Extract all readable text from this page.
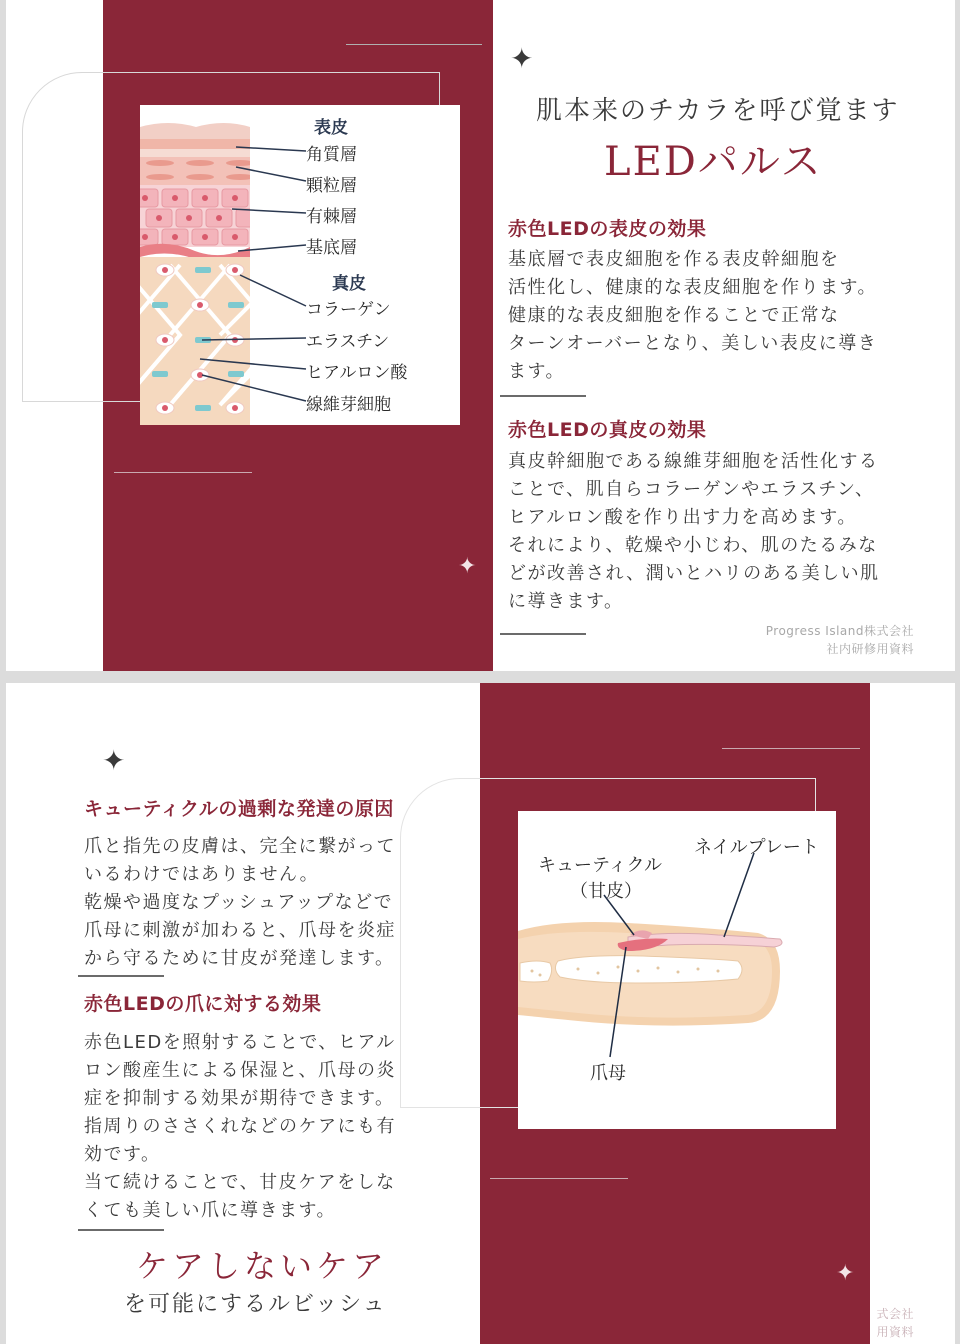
✦
✦
表皮
角質層
顆粒層
有棘層
基底層
真皮
コラーゲン
エラスチン
ヒアルロン酸
線維芽細胞
肌本来のチカラを呼び覚ます
LEDパルス
赤色LEDの表皮の効果
基底層で表皮細胞を作る表皮幹細胞を
活性化し、健康的な表皮細胞を作ります。
健康的な表皮細胞を作ることで正常な
ターンオーバーとなり、美しい表皮に導き
ます。
赤色LEDの真皮の効果
真皮幹細胞である線維芽細胞を活性化する
ことで、肌自らコラーゲンやエラスチン、
ヒアルロン酸を作り出す力を高めます。
それにより、乾燥や小じわ、肌のたるみな
どが改善され、潤いとハリのある美しい肌
に導きます。
Progress Island株式会社
社内研修用資料
✦
✦
キューティクルの過剰な発達の原因
爪と指先の皮膚は、完全に繋がって
いるわけではありません。
乾燥や過度なプッシュアップなどで
爪母に刺激が加わると、爪母を炎症
から守るために甘皮が発達します。
赤色LEDの爪に対する効果
赤色LEDを照射することで、ヒアル
ロン酸産生による保湿と、爪母の炎
症を抑制する効果が期待できます。
指周りのささくれなどのケアにも有
効です。
当て続けることで、甘皮ケアをしな
くても美しい爪に導きます。
ケアしないケア
を可能にするルビッシュ
キューティクル
（甘皮）
ネイルプレート
爪母
式会社
用資料
